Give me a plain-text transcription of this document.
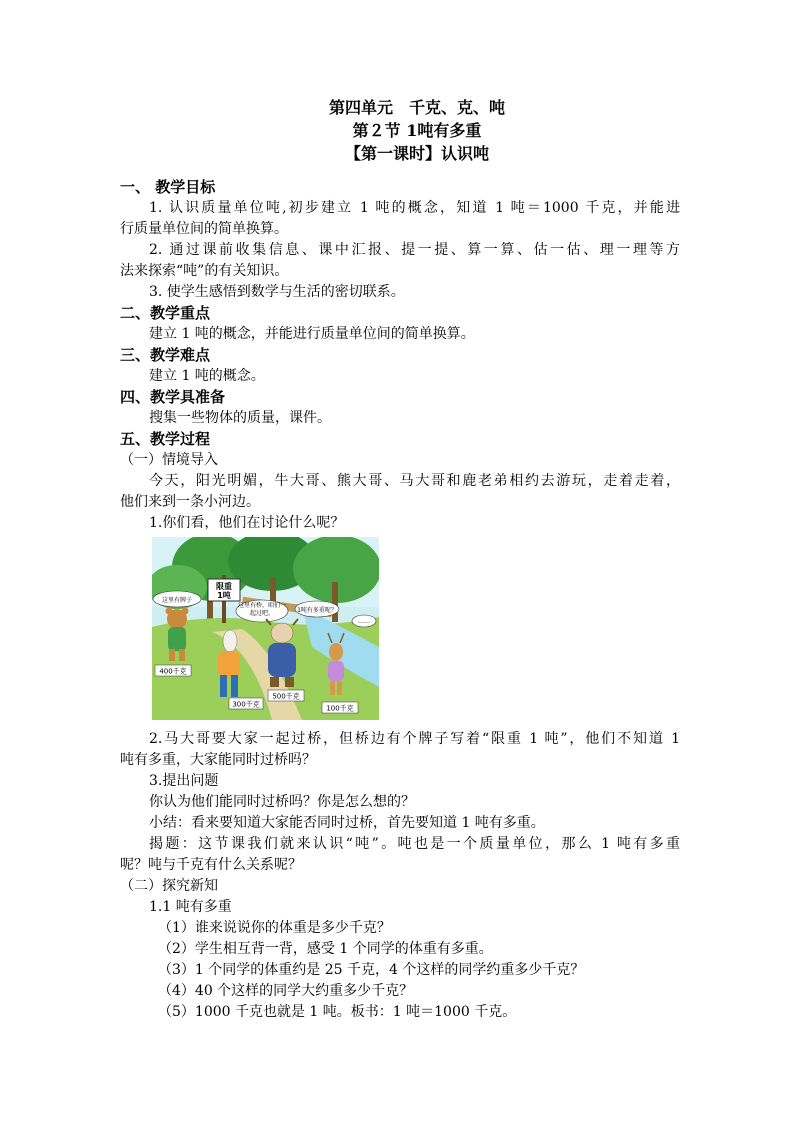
第四单元　千克、克、吨
第２节 1吨有多重
【第一课时】认识吨
一、 教学目标

1. 认识质量单位吨,初步建立 1 吨的概念，知道 1 吨＝1000 千克，并能进

行质量单位间的简单换算。

2. 通过课前收集信息、课中汇报、提一提、算一算、估一估、理一理等方

法来探索“吨”的有关知识。

3. 使学生感悟到数学与生活的密切联系。

二、教学重点

建立 1 吨的概念，并能进行质量单位间的简单换算。

三、教学难点

建立 1 吨的概念。

四、教学具准备

搜集一些物体的质量，课件。

五、教学过程

（一）情境导入

今天，阳光明媚，牛大哥、熊大哥、马大哥和鹿老弟相约去游玩，走着走着，

他们来到一条小河边。

1.你们看，他们在讨论什么呢？

限重
1吨
这里有牌子
这里有桥，咱们一起过吧。	1吨有多重呢？
……
400千克
300千克
500千克
100千克

2.马大哥要大家一起过桥，但桥边有个牌子写着“限重 1 吨”，他们不知道 1

吨有多重，大家能同时过桥吗？

3.提出问题

你认为他们能同时过桥吗？你是怎么想的？

小结：看来要知道大家能否同时过桥，首先要知道 1 吨有多重。

揭题：这节课我们就来认识“吨”。吨也是一个质量单位，那么 1 吨有多重

呢？吨与千克有什么关系呢？

（二）探究新知

1.1 吨有多重

（1）谁来说说你的体重是多少千克？

（2）学生相互背一背，感受 1 个同学的体重有多重。

（3）1 个同学的体重约是 25 千克，4 个这样的同学约重多少千克？

（4）40 个这样的同学大约重多少千克？

（5）1000 千克也就是 1 吨。板书：1 吨＝1000 千克。
